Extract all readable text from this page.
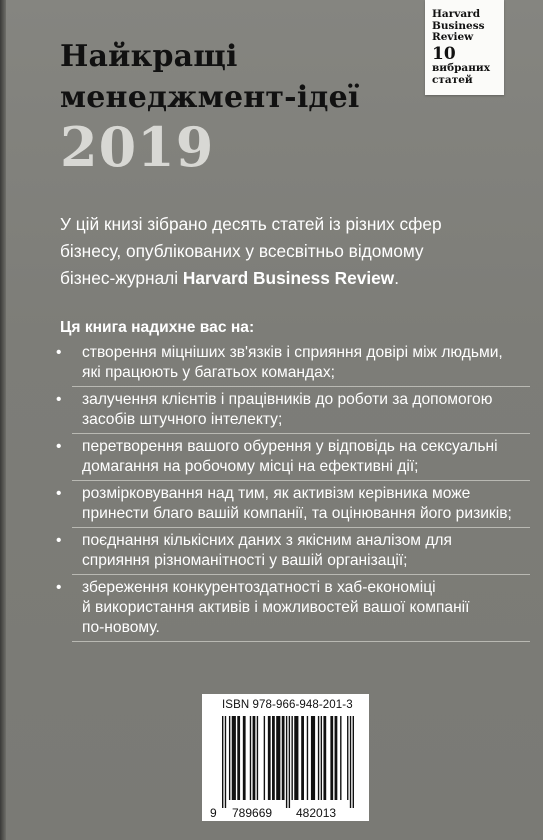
Найкращі
менеджмент-ідеї
2019
Harvard
Business
Review
10
вибраних
статей
У цій книзі зібрано десять статей із різних сфер
бізнесу, опублікованих у всесвітньо відомому
бізнес-журналі Harvard Business Review.
Ця книга надихне вас на:
• створення міцніших зв'язків і сприяння довірі між людьми,
які працюють у багатьох командах;
• залучення клієнтів і працівників до роботи за допомогою
засобів штучного інтелекту;
• перетворення вашого обурення у відповідь на сексуальні
домагання на робочому місці на ефективні дії;
• розмірковування над тим, як активізм керівника може
принести благо вашій компанії, та оцінювання його ризиків;
• поєднання кількісних даних з якісним аналізом для
сприяння різноманітності у вашій організації;
• збереження конкурентоздатності в хаб-економіці
й використання активів і можливостей вашої компанії
по-новому.
ISBN 978-966-948-201-3
9 789669 482013
